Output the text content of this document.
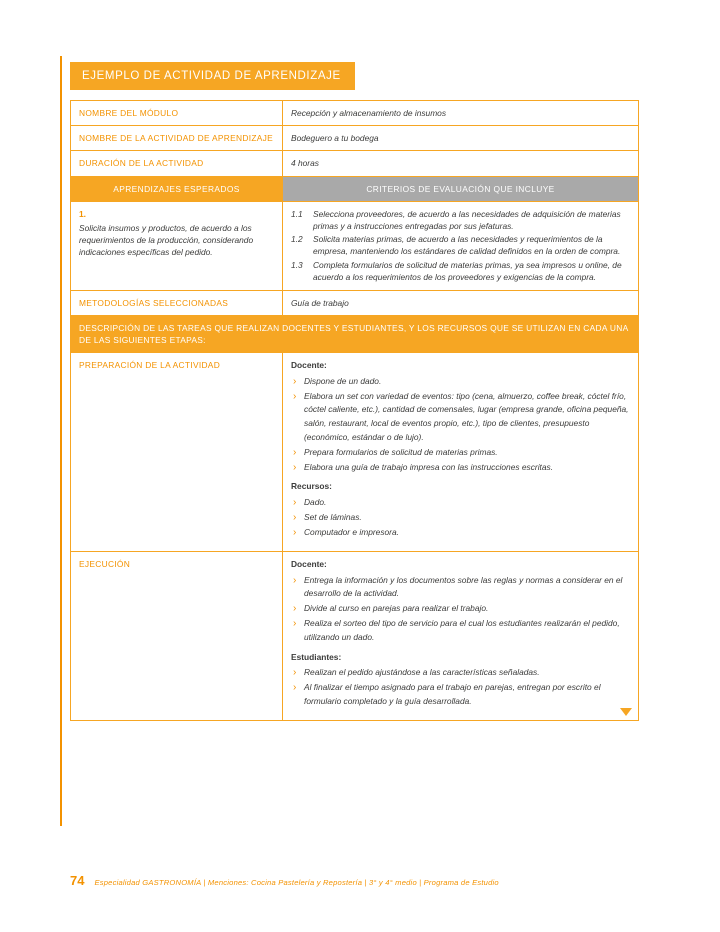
EJEMPLO DE ACTIVIDAD DE APRENDIZAJE
NOMBRE DEL MÓDULO	Recepción y almacenamiento de insumos
NOMBRE DE LA ACTIVIDAD DE APRENDIZAJE	Bodeguero a tu bodega
DURACIÓN DE LA ACTIVIDAD	4 horas
APRENDIZAJES ESPERADOS	CRITERIOS DE EVALUACIÓN QUE INCLUYE

1.
Solicita insumos y productos, de acuerdo a los requerimientos de la producción, considerando indicaciones específicas del pedido.	
1.1	Selecciona proveedores, de acuerdo a las necesidades de adquisición de materias primas y a instrucciones entregadas por sus jefaturas.
1.2	Solicita materias primas, de acuerdo a las necesidades y requerimientos de la empresa, manteniendo los estándares de calidad definidos en la orden de compra.
1.3	Completa formularios de solicitud de materias primas, ya sea impresos u online, de acuerdo a los requerimientos de los proveedores y exigencias de la compra.

METODOLOGÍAS SELECCIONADAS	Guía de trabajo
DESCRIPCIÓN DE LAS TAREAS QUE REALIZAN DOCENTES Y ESTUDIANTES, Y LOS RECURSOS QUE SE UTILIZAN EN CADA UNA DE LAS SIGUIENTES ETAPAS:	
PREPARACIÓN DE LA ACTIVIDAD	Docente:
› Dispone de un dado.
› Elabora un set con variedad de eventos: tipo (cena, almuerzo, coffee break, cóctel frío, cóctel caliente, etc.), cantidad de comensales, lugar (empresa grande, oficina pequeña, salón, restaurant, local de eventos propio, etc.), tipo de clientes, presupuesto (económico, estándar o de lujo).
› Prepara formularios de solicitud de materias primas.
› Elabora una guía de trabajo impresa con las instrucciones escritas.
Recursos:
› Dado.
› Set de láminas.
› Computador e impresora.

EJECUCIÓN	Docente:
› Entrega la información y los documentos sobre las reglas y normas a considerar en el desarrollo de la actividad.
› Divide al curso en parejas para realizar el trabajo.
› Realiza el sorteo del tipo de servicio para el cual los estudiantes realizarán el pedido, utilizando un dado.
Estudiantes:
› Realizan el pedido ajustándose a las características señaladas.
› Al finalizar el tiempo asignado para el trabajo en parejas, entregan por escrito el formulario completado y la guía desarrollada.
74 Especialidad GASTRONOMÍA | Menciones: Cocina Pastelería y Repostería | 3° y 4° medio | Programa de Estudio
